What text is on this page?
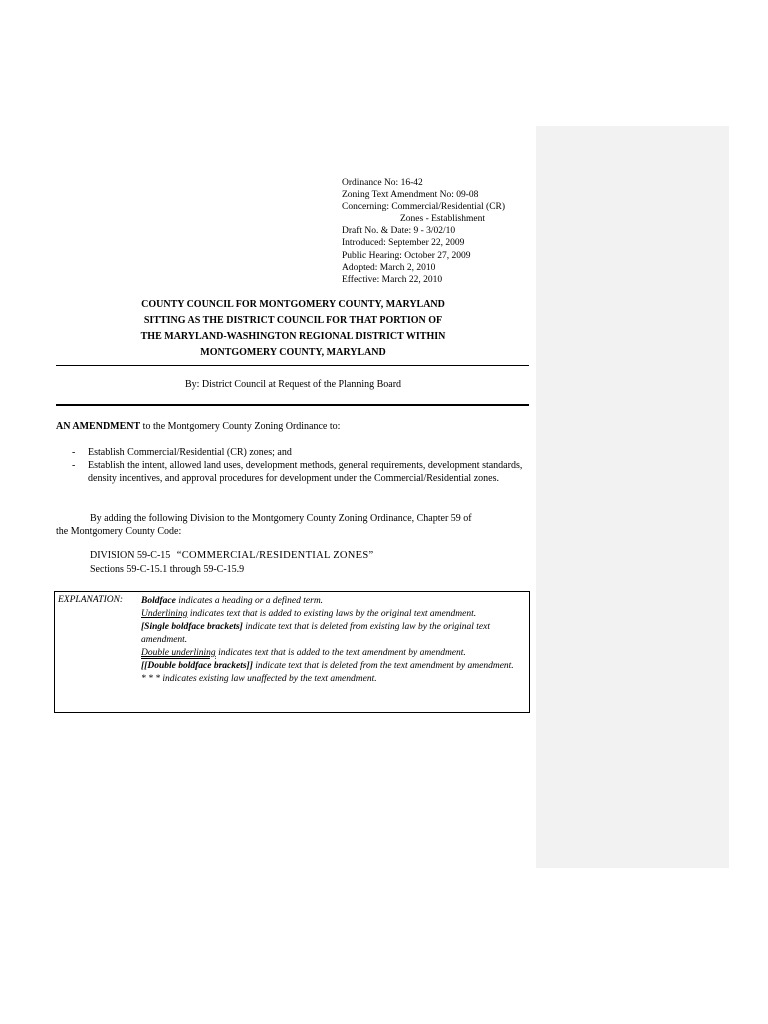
Ordinance No: 16-42
Zoning Text Amendment No: 09-08
Concerning: Commercial/Residential (CR)
Zones - Establishment
Draft No. & Date: 9 - 3/02/10
Introduced: September 22, 2009
Public Hearing: October 27, 2009
Adopted: March 2, 2010
Effective: March 22, 2010
COUNTY COUNCIL FOR MONTGOMERY COUNTY, MARYLAND
SITTING AS THE DISTRICT COUNCIL FOR THAT PORTION OF
THE MARYLAND-WASHINGTON REGIONAL DISTRICT WITHIN
MONTGOMERY COUNTY, MARYLAND
By: District Council at Request of the Planning Board
AN AMENDMENT to the Montgomery County Zoning Ordinance to:
- Establish Commercial/Residential (CR) zones; and
- Establish the intent, allowed land uses, development methods, general requirements, development standards, density incentives, and approval procedures for development under the Commercial/Residential zones.
By adding the following Division to the Montgomery County Zoning Ordinance, Chapter 59 of
the Montgomery County Code:
DIVISION 59-C-15 “COMMERCIAL/RESIDENTIAL ZONES”
Sections 59-C-15.1 through 59-C-15.9
EXPLANATION: Boldface indicates a heading or a defined term.
Underlining indicates text that is added to existing laws by the original text amendment.
[Single boldface brackets] indicate text that is deleted from existing law by the original text amendment.
Double underlining indicates text that is added to the text amendment by amendment.
[[Double boldface brackets]] indicate text that is deleted from the text amendment by amendment.
* * * indicates existing law unaffected by the text amendment.
